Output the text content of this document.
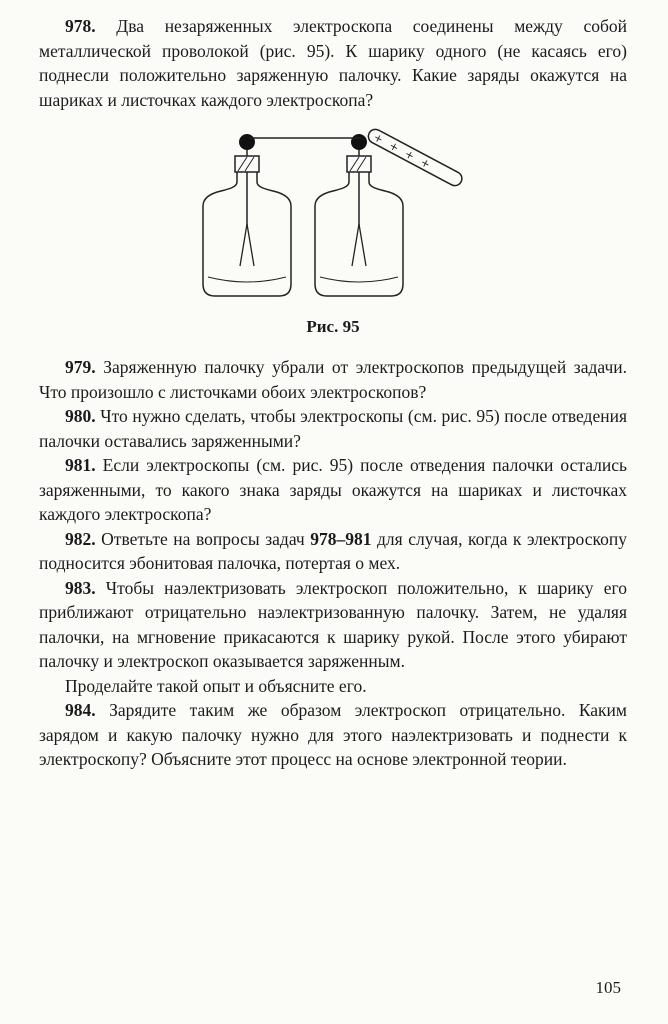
978. Два незаряженных электроскопа соединены между собой металлической проволокой (рис. 95). К шарику одного (не касаясь его) поднесли положительно заряженную палочку. Какие заряды окажутся на шариках и листочках каждого электроскопа?

+ + + +
Рис. 95

979. Заряженную палочку убрали от электроскопов предыдущей задачи. Что произошло с листочками обоих электроскопов?

980. Что нужно сделать, чтобы электроскопы (см. рис. 95) после отведения палочки оставались заряженными?

981. Если электроскопы (см. рис. 95) после отведения палочки остались заряженными, то какого знака заряды окажутся на шариках и листочках каждого электроскопа?

982. Ответьте на вопросы задач 978–981 для случая, когда к электроскопу подносится эбонитовая палочка, потертая о мех.

983. Чтобы наэлектризовать электроскоп положительно, к шарику его приближают отрицательно наэлектризованную палочку. Затем, не удаляя палочки, на мгновение прикасаются к шарику рукой. После этого убирают палочку и электроскоп оказывается заряженным.

Проделайте такой опыт и объясните его.

984. Зарядите таким же образом электроскоп отрицательно. Каким зарядом и какую палочку нужно для этого наэлектризовать и поднести к электроскопу? Объясните этот процесс на основе электронной теории.

105
